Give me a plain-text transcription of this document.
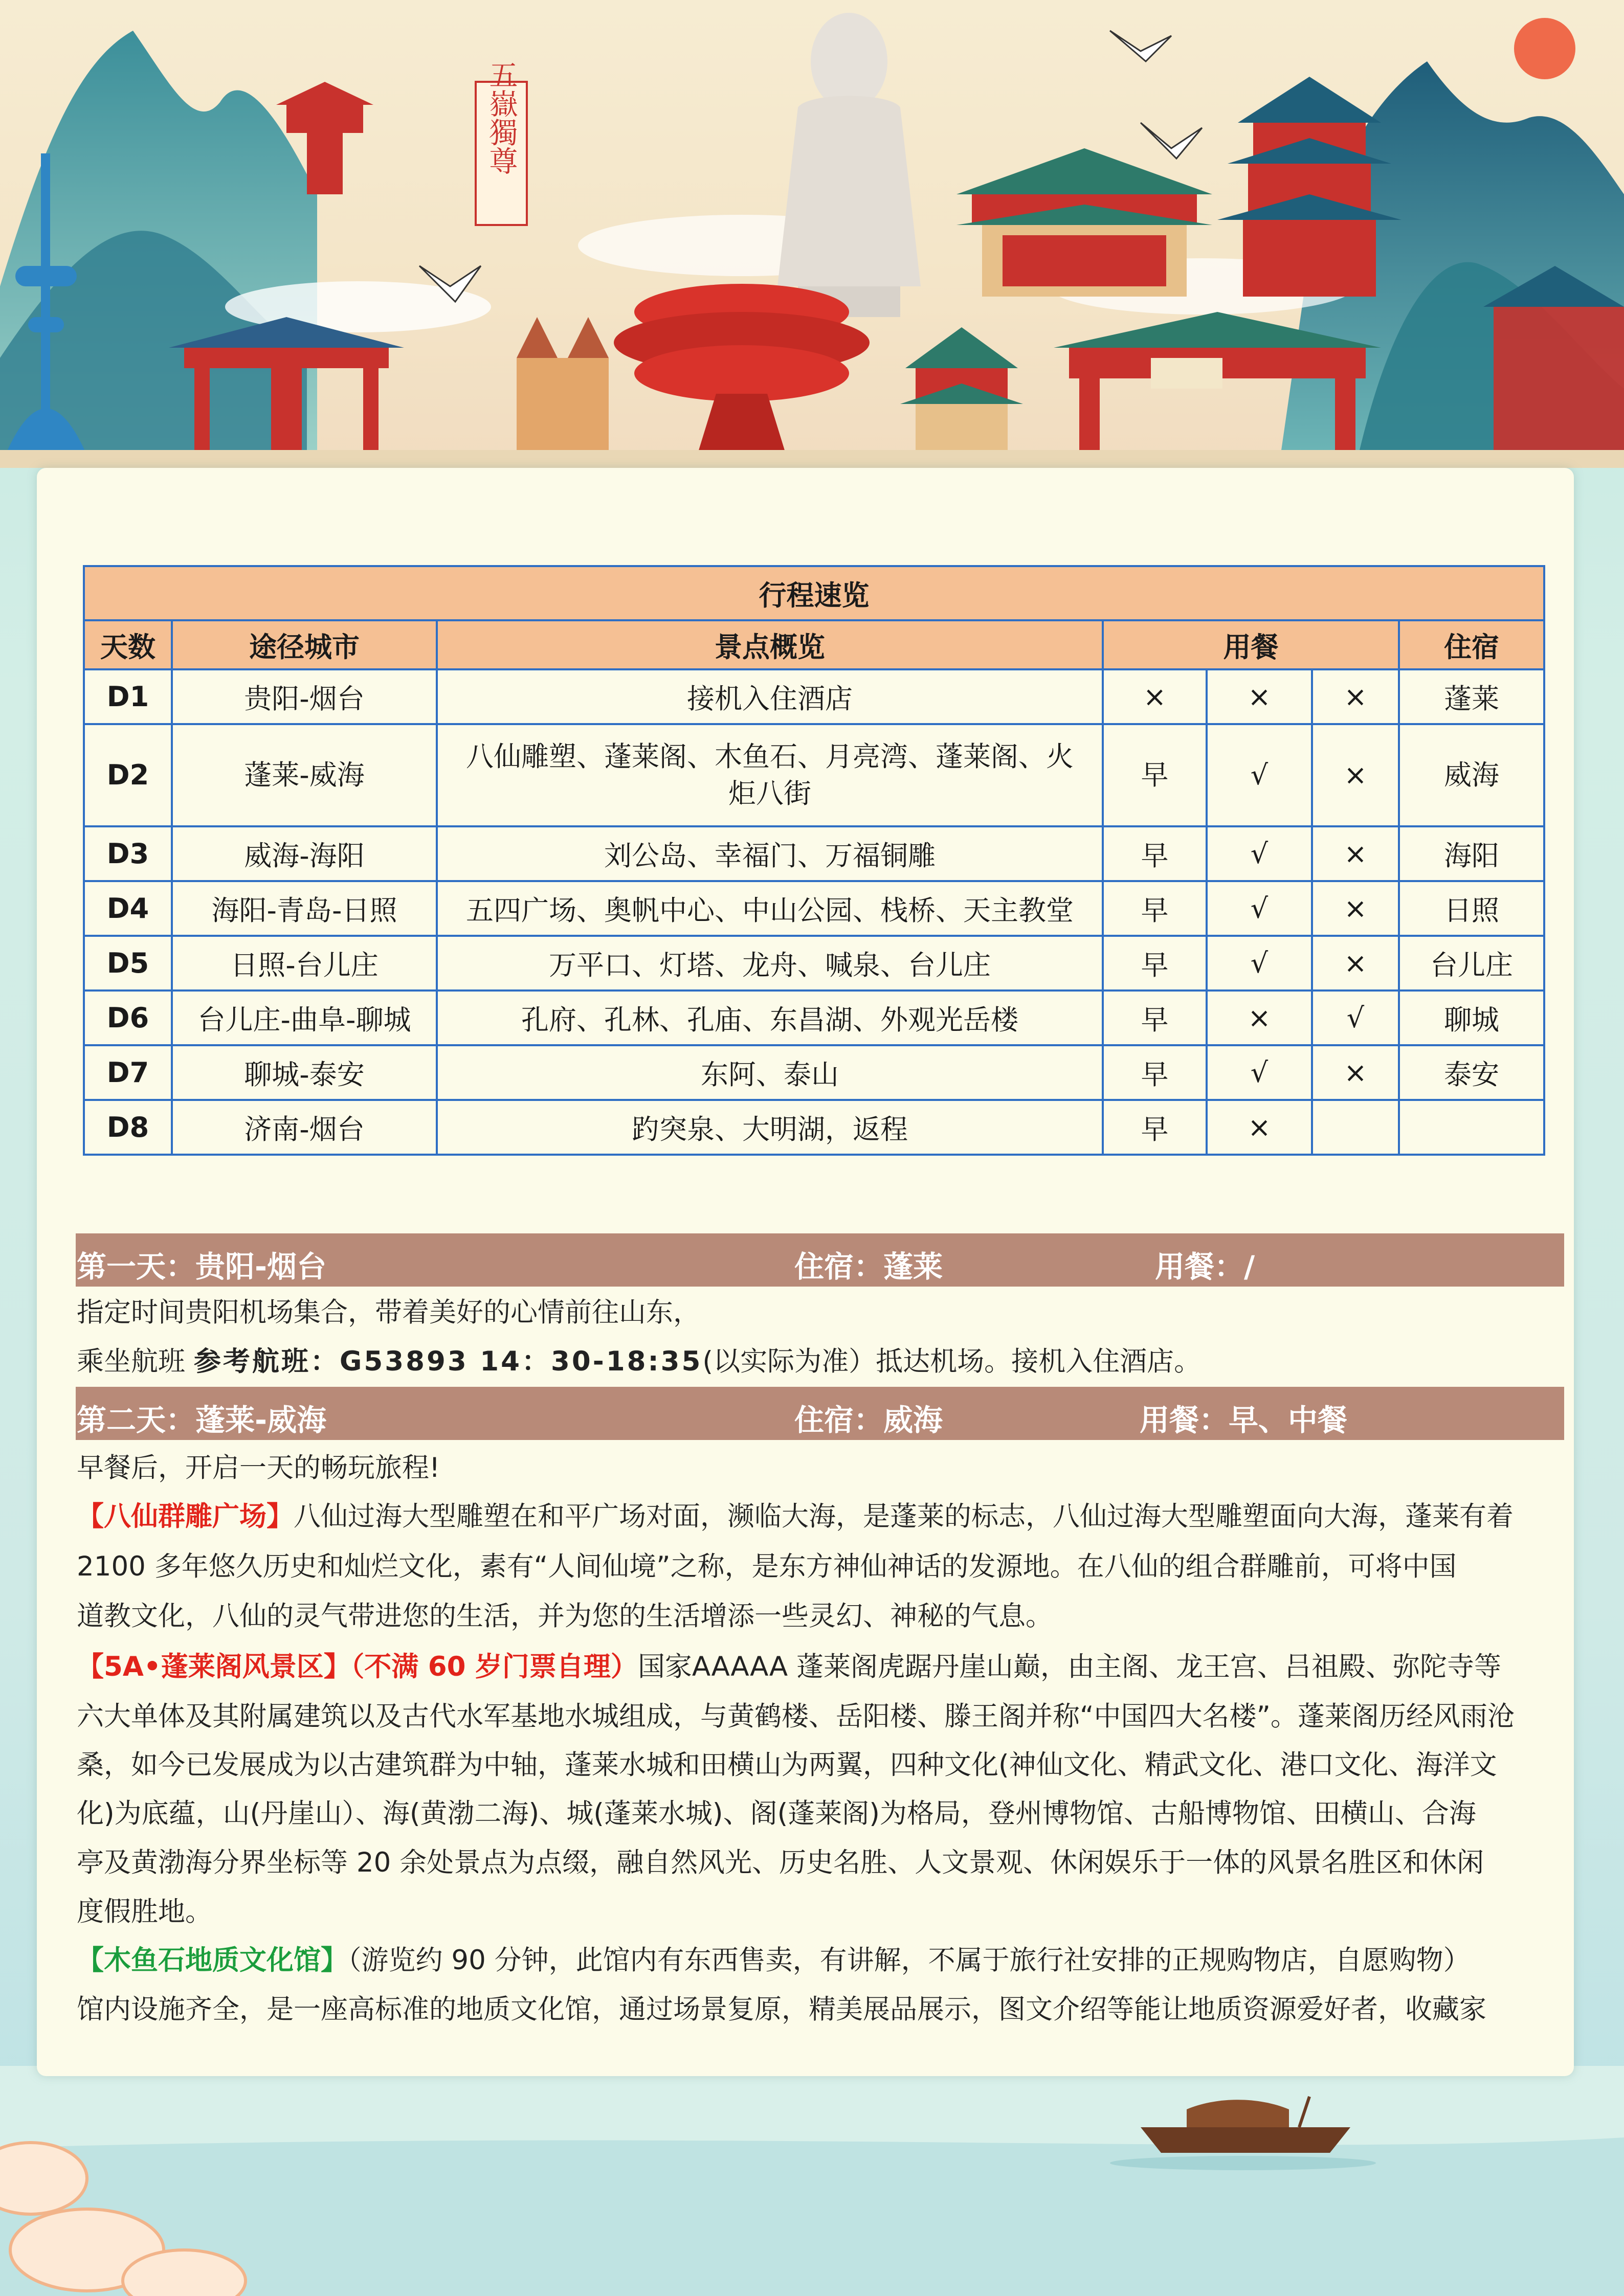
五嶽獨尊
行程速览						
天数	途径城市	景点概览	用餐			住宿
D1	贵阳-烟台	接机入住酒店	×	×	×	蓬莱
D2	蓬莱-威海	八仙雕塑、蓬莱阁、木鱼石、月亮湾、蓬莱阁、火炬八街	早	√	×	威海
D3	威海-海阳	刘公岛、幸福门、万福铜雕	早	√	×	海阳
D4	海阳-青岛-日照	五四广场、奥帆中心、中山公园、栈桥、天主教堂	早	√	×	日照
D5	日照-台儿庄	万平口、灯塔、龙舟、喊泉、台儿庄	早	√	×	台儿庄
D6	台儿庄-曲阜-聊城	孔府、孔林、孔庙、东昌湖、外观光岳楼	早	×	√	聊城
D7	聊城-泰安	东阿、泰山	早	√	×	泰安
D8	济南-烟台	趵突泉、大明湖，返程	早	×		
第一天：贵阳-烟台	住宿：蓬莱	用餐：/
指定时间贵阳机场集合，带着美好的心情前往山东，
乘坐航班 参考航班：G53893 14：30-18:35(以实际为准）抵达机场。接机入住酒店。
第二天：蓬莱-威海	住宿：威海	用餐：早、中餐
早餐后，开启一天的畅玩旅程!
【八仙群雕广场】八仙过海大型雕塑在和平广场对面，濒临大海，是蓬莱的标志，八仙过海大型雕塑面向大海，蓬莱有着
2100 多年悠久历史和灿烂文化，素有“人间仙境”之称，是东方神仙神话的发源地。在八仙的组合群雕前，可将中国
道教文化，八仙的灵气带进您的生活，并为您的生活增添一些灵幻、神秘的气息。
【5A•蓬莱阁风景区】（不满 60 岁门票自理）国家AAAAA 蓬莱阁虎踞丹崖山巅，由主阁、龙王宫、吕祖殿、弥陀寺等
六大单体及其附属建筑以及古代水军基地水城组成，与黄鹤楼、岳阳楼、滕王阁并称“中国四大名楼”。蓬莱阁历经风雨沧
桑，如今已发展成为以古建筑群为中轴，蓬莱水城和田横山为两翼，四种文化(神仙文化、精武文化、港口文化、海洋文
化)为底蕴，山(丹崖山）、海(黄渤二海)、城(蓬莱水城)、阁(蓬莱阁)为格局，登州博物馆、古船博物馆、田横山、合海
亭及黄渤海分界坐标等 20 余处景点为点缀，融自然风光、历史名胜、人文景观、休闲娱乐于一体的风景名胜区和休闲
度假胜地。
【木鱼石地质文化馆】（游览约 90 分钟，此馆内有东西售卖，有讲解，不属于旅行社安排的正规购物店，自愿购物）
馆内设施齐全，是一座高标准的地质文化馆，通过场景复原，精美展品展示，图文介绍等能让地质资源爱好者，收藏家
